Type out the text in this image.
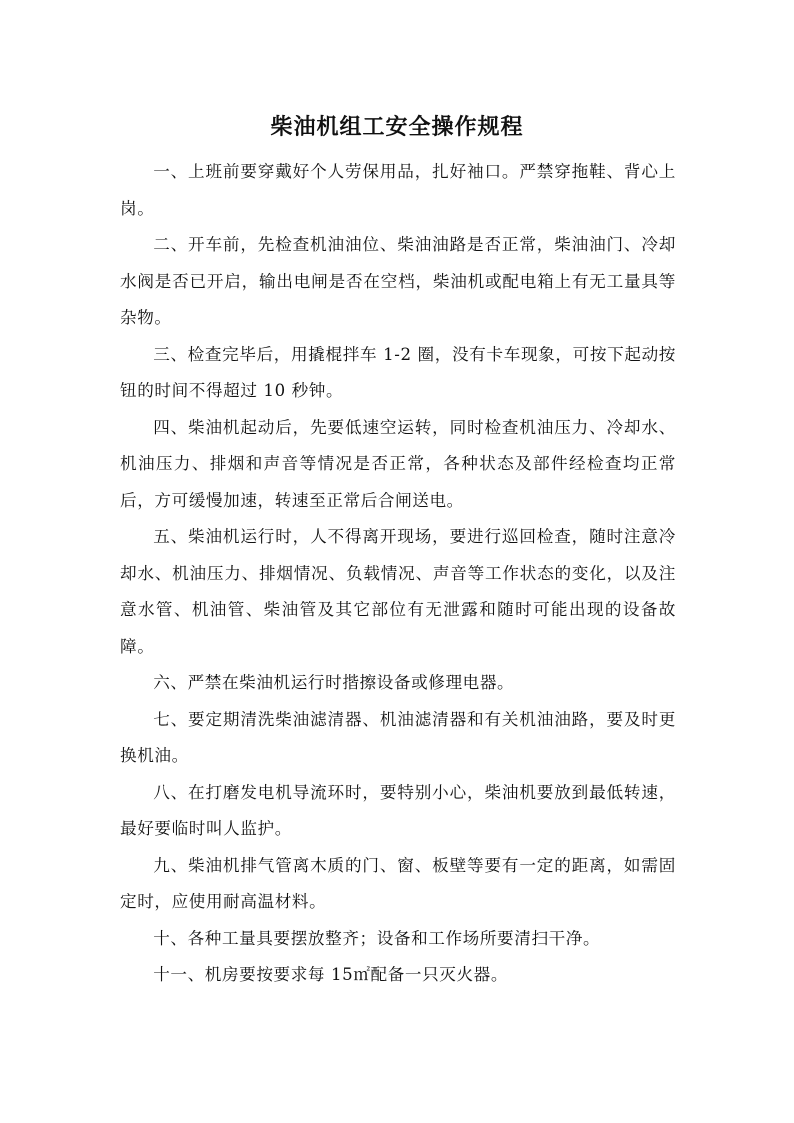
柴油机组工安全操作规程

一、上班前要穿戴好个人劳保用品，扎好袖口。严禁穿拖鞋、背心上岗。

二、开车前，先检查机油油位、柴油油路是否正常，柴油油门、冷却水阀是否已开启，输出电闸是否在空档，柴油机或配电箱上有无工量具等杂物。

三、检查完毕后，用撬棍拌车 1-2 圈，没有卡车现象，可按下起动按钮的时间不得超过 10 秒钟。

四、柴油机起动后，先要低速空运转，同时检查机油压力、冷却水、机油压力、排烟和声音等情况是否正常，各种状态及部件经检查均正常后，方可缓慢加速，转速至正常后合闸送电。

五、柴油机运行时，人不得离开现场，要进行巡回检查，随时注意冷却水、机油压力、排烟情况、负载情况、声音等工作状态的变化，以及注意水管、机油管、柴油管及其它部位有无泄露和随时可能出现的设备故障。

六、严禁在柴油机运行时揩擦设备或修理电器。

七、要定期清洗柴油滤清器、机油滤清器和有关机油油路，要及时更换机油。

八、在打磨发电机导流环时，要特别小心，柴油机要放到最低转速，最好要临时叫人监护。

九、柴油机排气管离木质的门、窗、板壁等要有一定的距离，如需固定时，应使用耐高温材料。

十、各种工量具要摆放整齐；设备和工作场所要清扫干净。

十一、机房要按要求每 15㎡配备一只灭火器。
